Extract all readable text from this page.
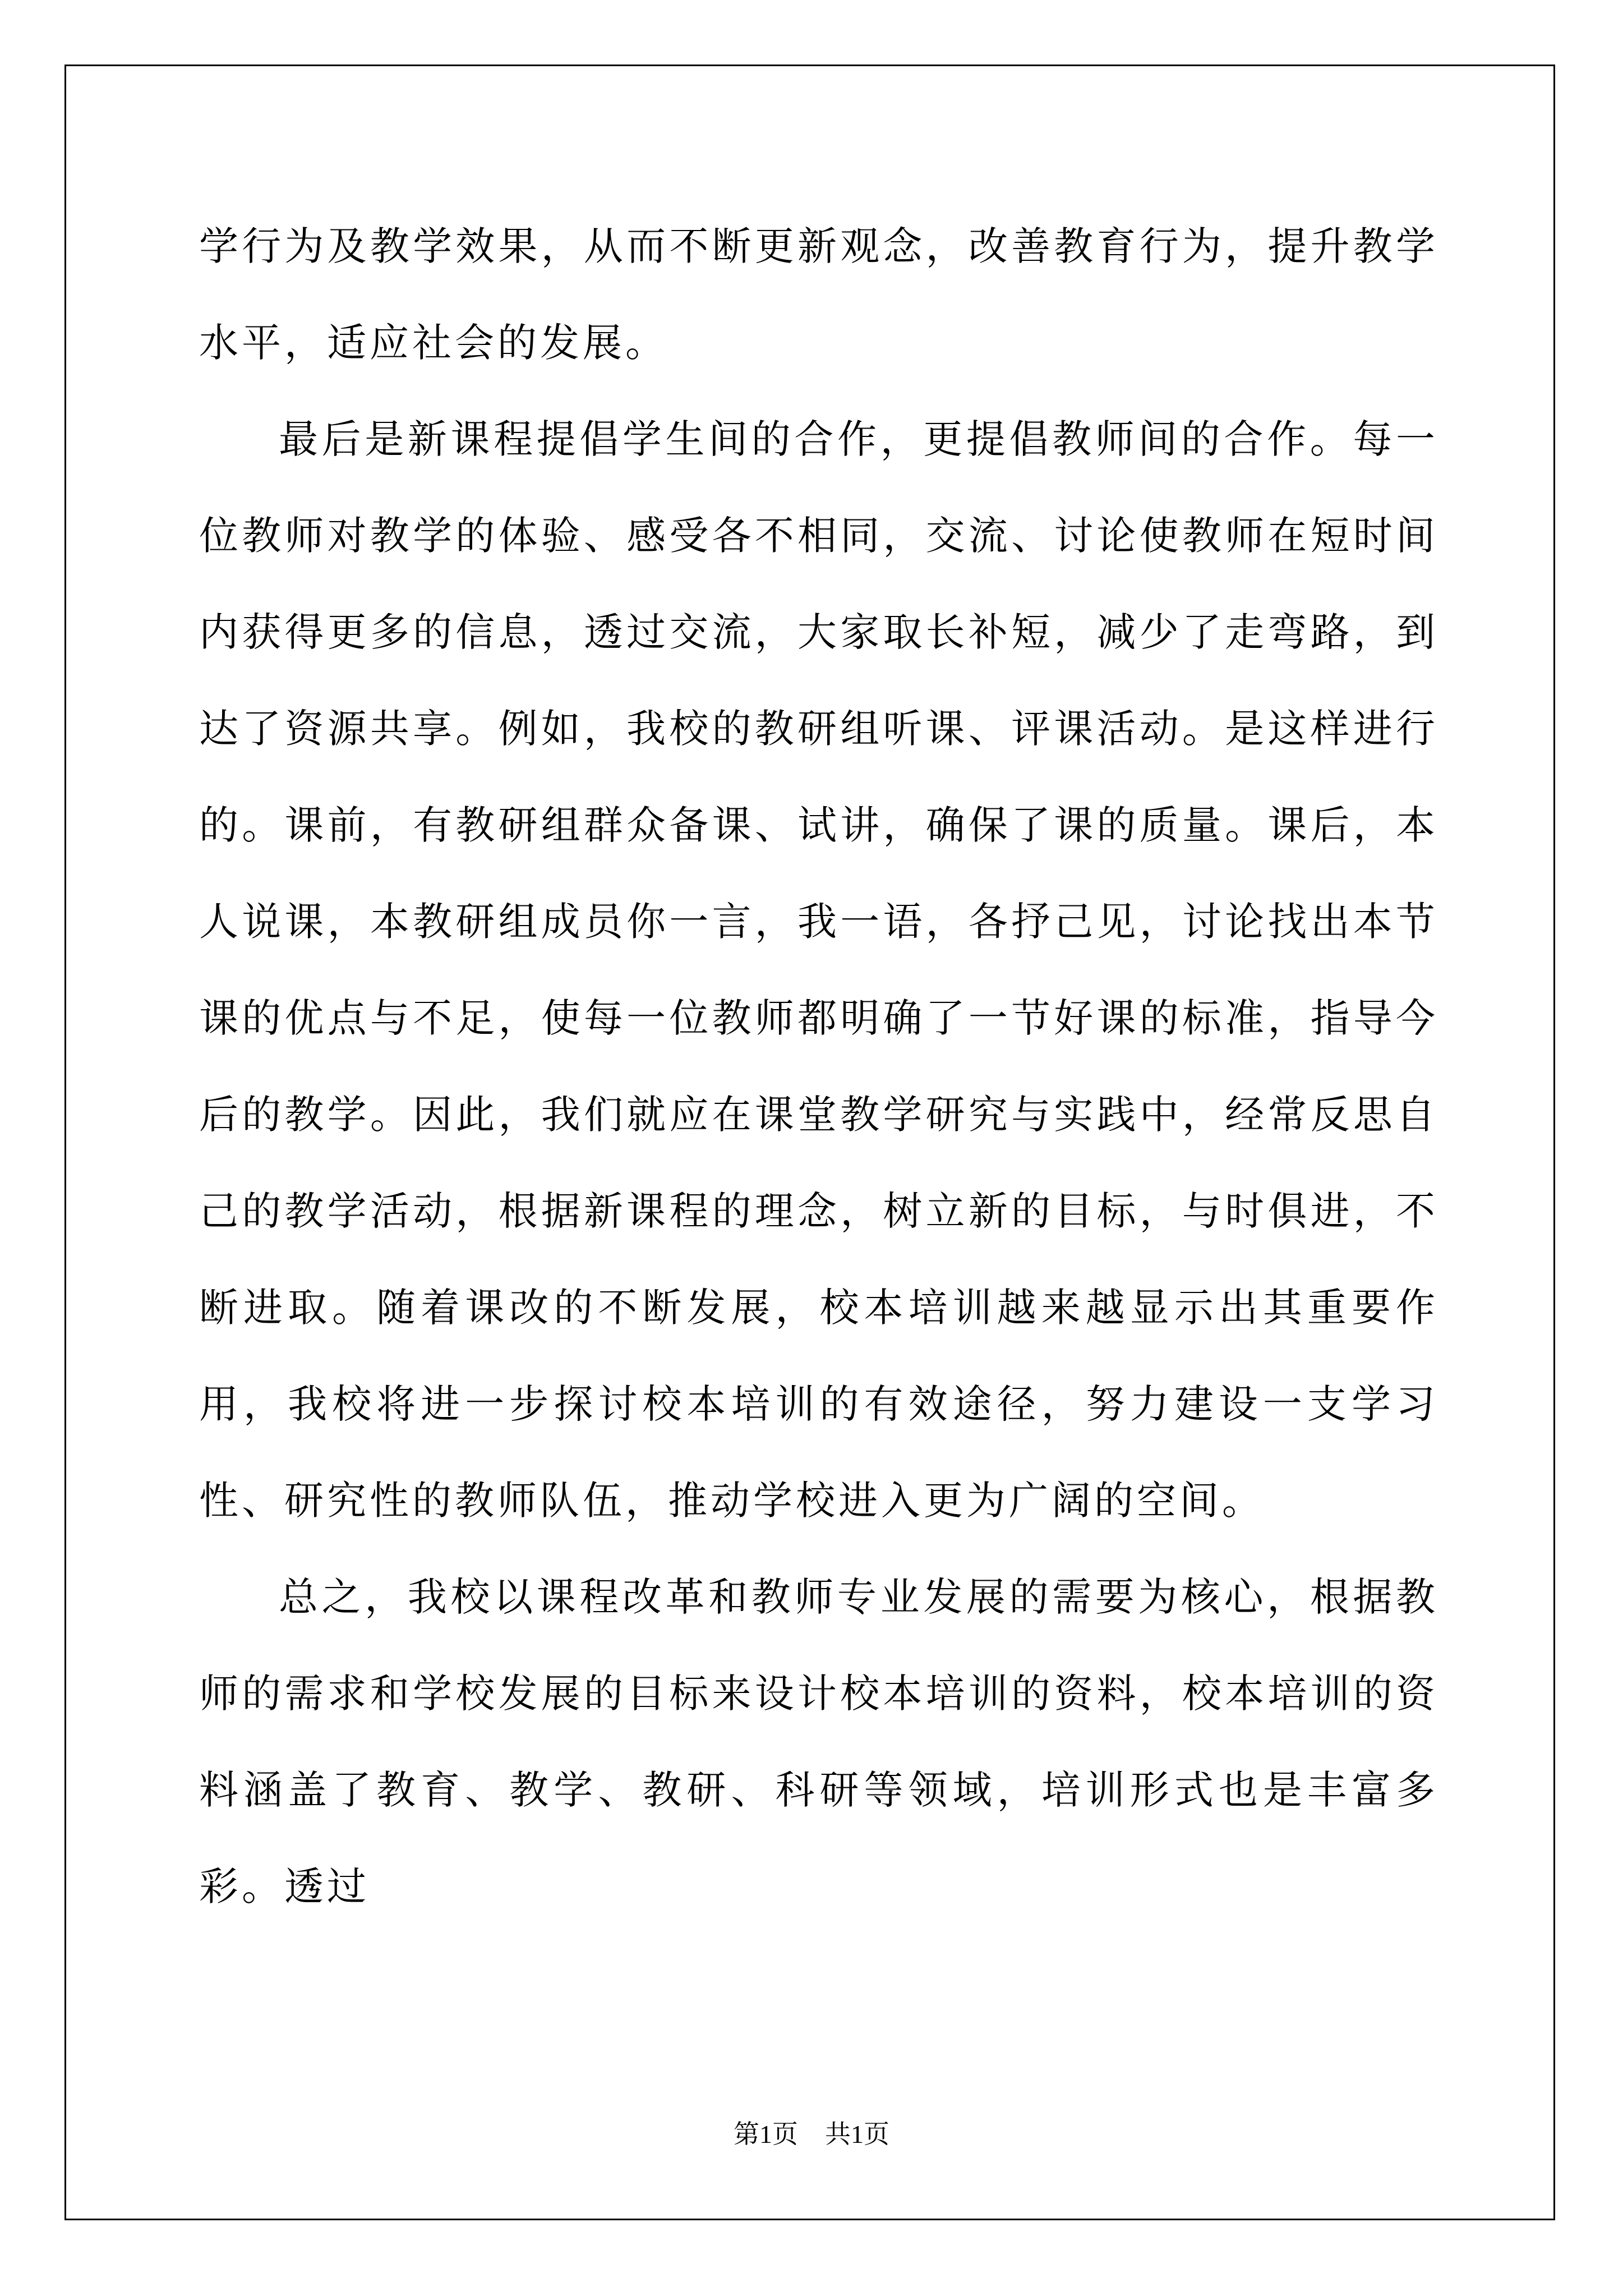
学行为及教学效果，从而不断更新观念，改善教育行为，提升教学水平，适应社会的发展。

最后是新课程提倡学生间的合作，更提倡教师间的合作。每一位教师对教学的体验、感受各不相同，交流、讨论使教师在短时间内获得更多的信息，透过交流，大家取长补短，减少了走弯路，到达了资源共享。例如，我校的教研组听课、评课活动。是这样进行的。课前，有教研组群众备课、试讲，确保了课的质量。课后，本人说课，本教研组成员你一言，我一语，各抒己见，讨论找出本节课的优点与不足，使每一位教师都明确了一节好课的标准，指导今后的教学。因此，我们就应在课堂教学研究与实践中，经常反思自己的教学活动，根据新课程的理念，树立新的目标，与时俱进，不断进取。随着课改的不断发展，校本培训越来越显示出其重要作用，我校将进一步探讨校本培训的有效途径，努力建设一支学习性、研究性的教师队伍，推动学校进入更为广阔的空间。

总之，我校以课程改革和教师专业发展的需要为核心，根据教师的需求和学校发展的目标来设计校本培训的资料，校本培训的资料涵盖了教育、教学、教研、科研等领域，培训形式也是丰富多彩。透过

第1页 共1页
